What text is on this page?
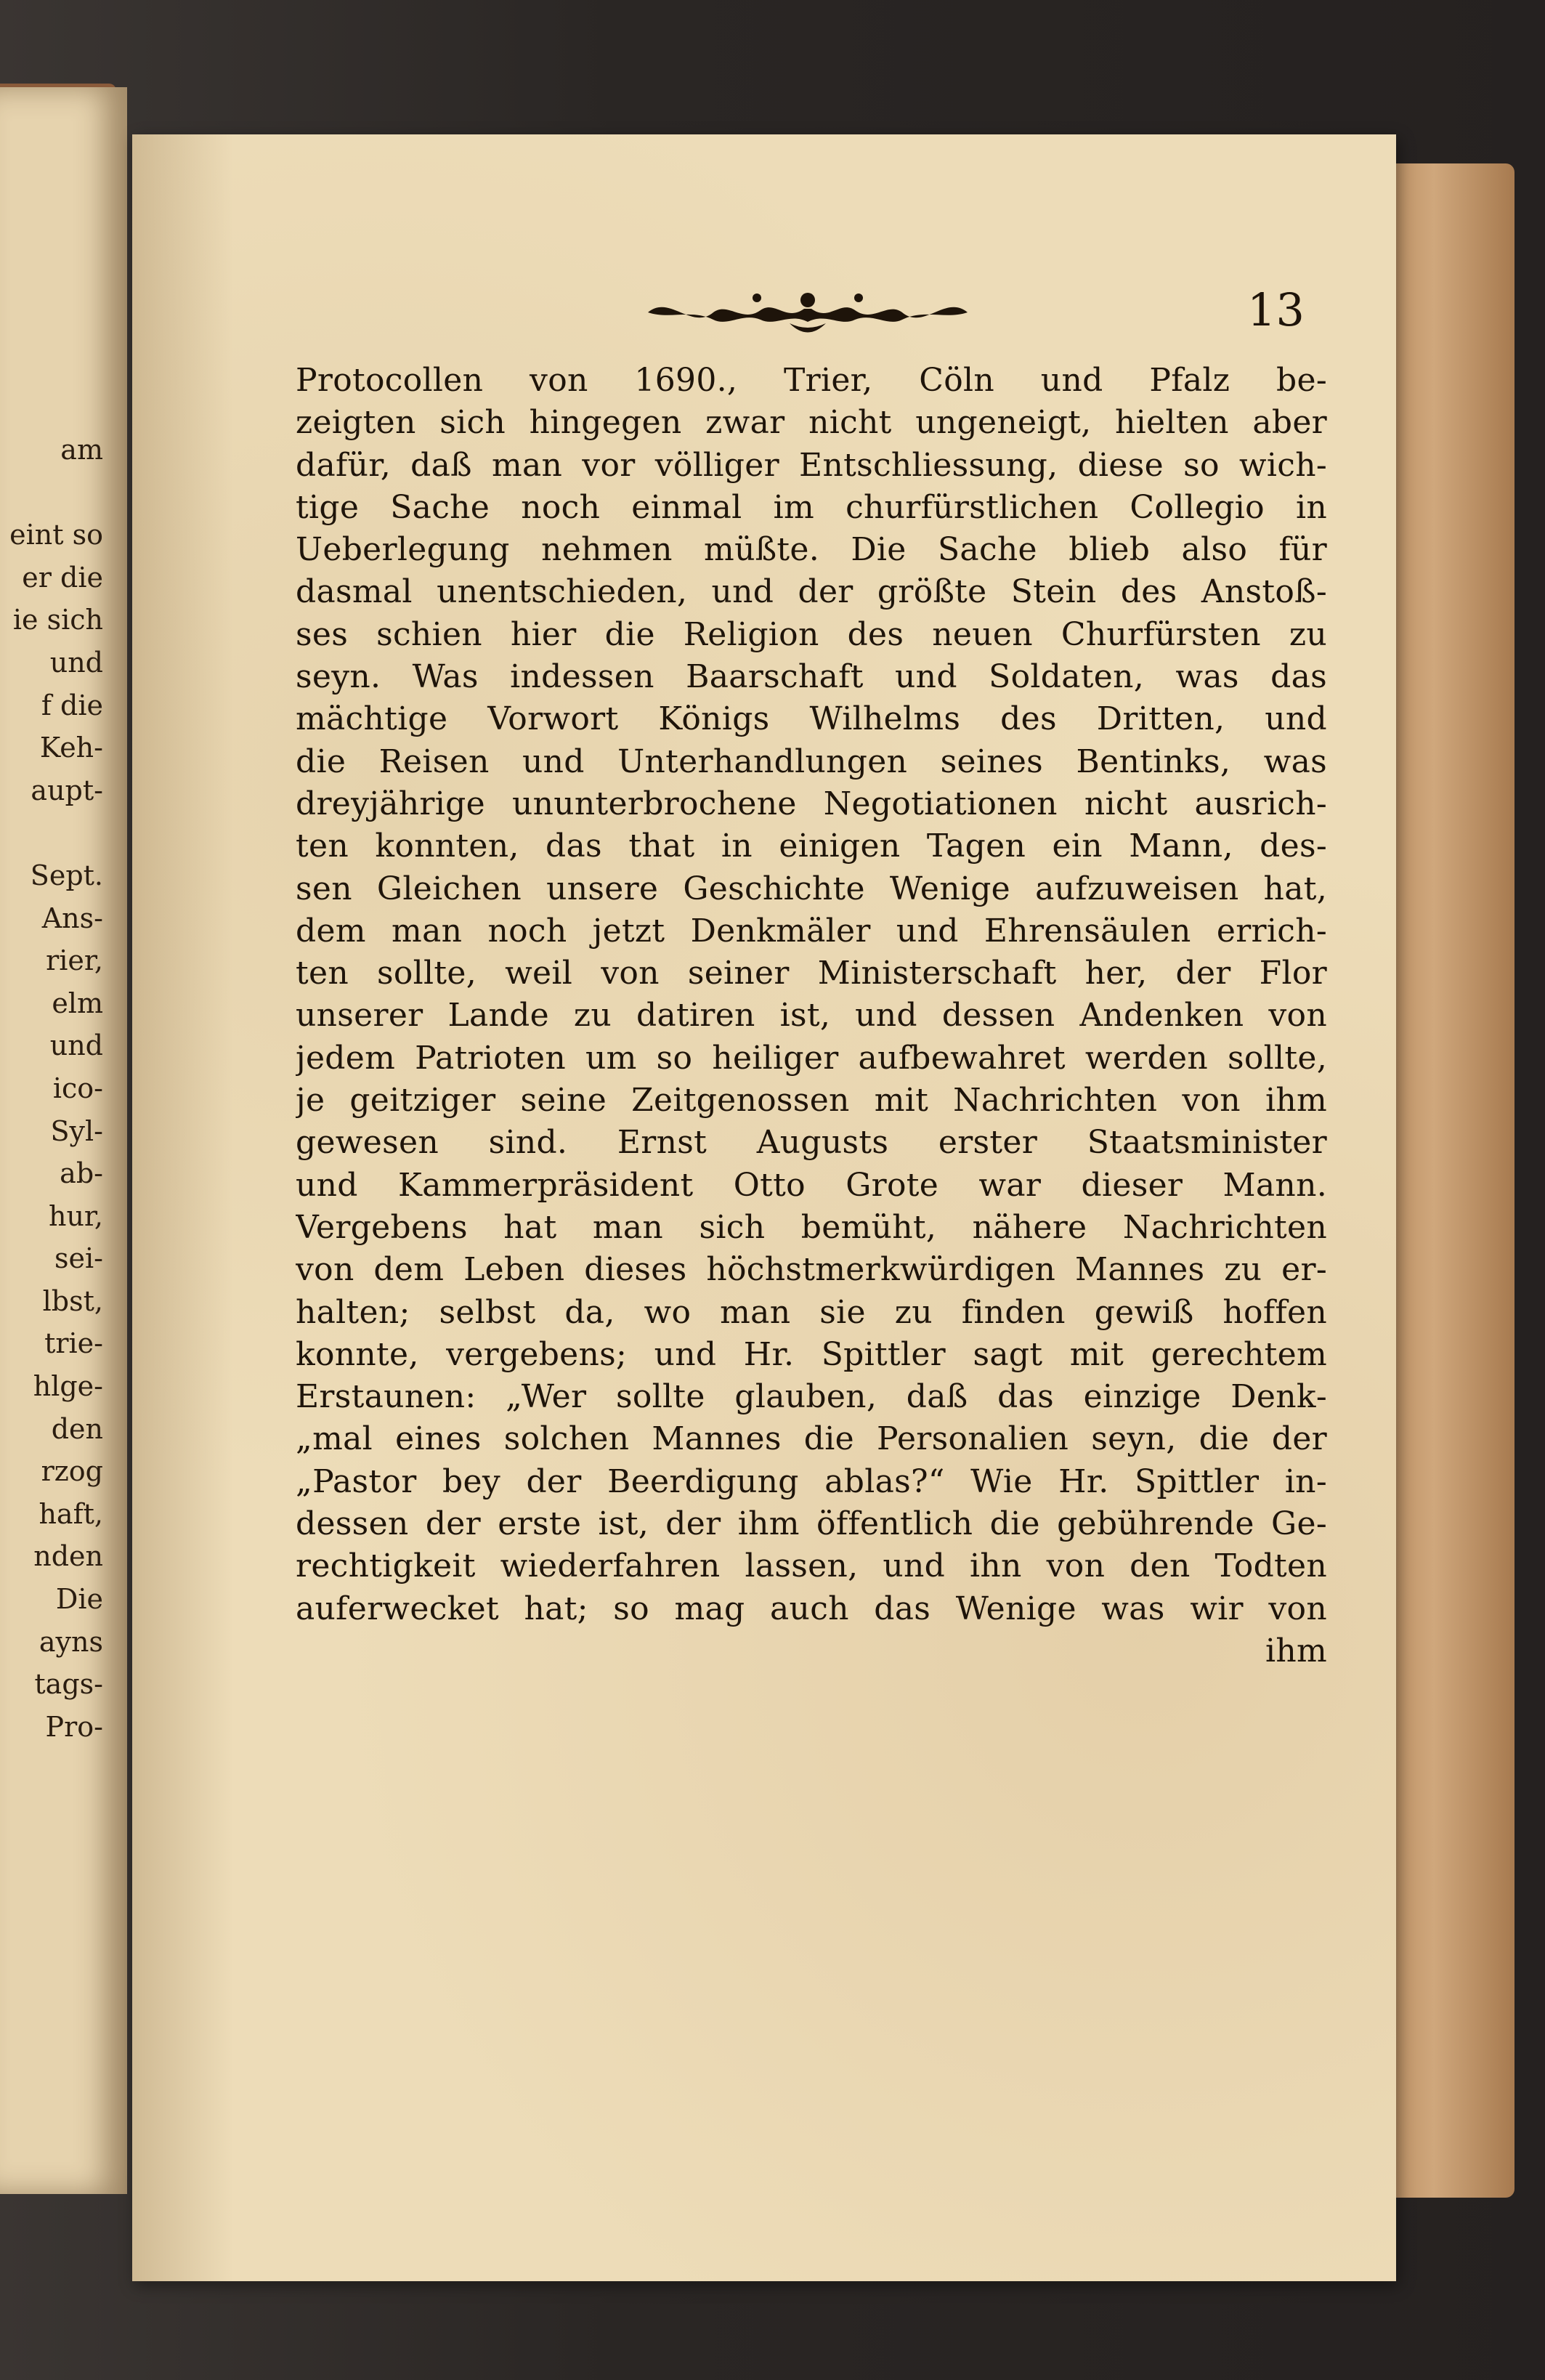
am
eint so
er die
ie sich
und
f die
Keh‑
aupt‑
Sept.
Ans‑
rier,
elm
und
ico‑
Syl‑
ab‑
hur,
sei‑
lbst,
trie‑
hlge‑
den
rzog
haft,
nden
Die
ayns
tags‑
Pro‑
13
Protocollen von 1690., Trier, Cöln und Pfalz be‑
zeigten sich hingegen zwar nicht ungeneigt, hielten aber
dafür, daß man vor völliger Entschliessung, diese so wich‑
tige Sache noch einmal im churfürstlichen Collegio in
Ueberlegung nehmen müßte. Die Sache blieb also für
dasmal unentschieden, und der größte Stein des Anstoß‑
ses schien hier die Religion des neuen Churfürsten zu
seyn. Was indessen Baarschaft und Soldaten, was das
mächtige Vorwort Königs Wilhelms des Dritten, und
die Reisen und Unterhandlungen seines Bentinks, was
dreyjährige ununterbrochene Negotiationen nicht ausrich‑
ten konnten, das that in einigen Tagen ein Mann, des‑
sen Gleichen unsere Geschichte Wenige aufzuweisen hat,
dem man noch jetzt Denkmäler und Ehrensäulen errich‑
ten sollte, weil von seiner Ministerschaft her, der Flor
unserer Lande zu datiren ist, und dessen Andenken von
jedem Patrioten um so heiliger aufbewahret werden sollte,
je geitziger seine Zeitgenossen mit Nachrichten von ihm
gewesen sind. Ernst Augusts erster Staatsminister
und Kammerpräsident Otto Grote war dieser Mann.
Vergebens hat man sich bemüht, nähere Nachrichten
von dem Leben dieses höchstmerkwürdigen Mannes zu er‑
halten; selbst da, wo man sie zu finden gewiß hoffen
konnte, vergebens; und Hr. Spittler sagt mit gerechtem
Erstaunen: „Wer sollte glauben, daß das einzige Denk‑
„mal eines solchen Mannes die Personalien seyn, die der
„Pastor bey der Beerdigung ablas?“ Wie Hr. Spittler in‑
dessen der erste ist, der ihm öffentlich die gebührende Ge‑
rechtigkeit wiederfahren lassen, und ihn von den Todten
auferwecket hat; so mag auch das Wenige was wir von
ihm
